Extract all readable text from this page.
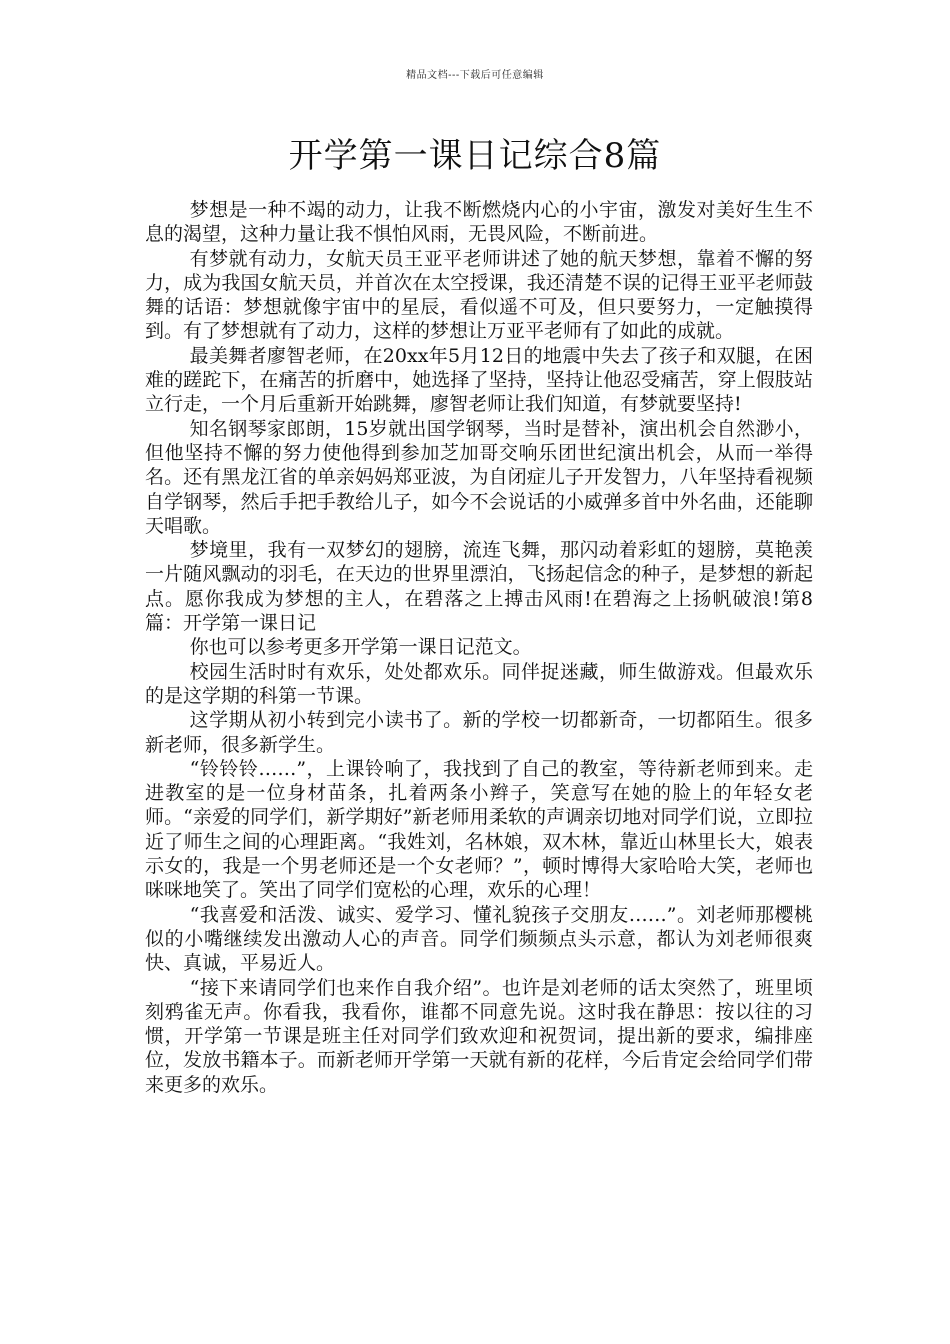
精品文档---下载后可任意编辑
开学第一课日记综合8篇

梦想是一种不竭的动力，让我不断燃烧内心的小宇宙，激发对美好生生不息的渴望，这种力量让我不惧怕风雨，无畏风险，不断前进。

有梦就有动力，女航天员王亚平老师讲述了她的航天梦想，靠着不懈的努力，成为我国女航天员，并首次在太空授课，我还清楚不误的记得王亚平老师鼓舞的话语：梦想就像宇宙中的星辰，看似遥不可及，但只要努力，一定触摸得到。有了梦想就有了动力，这样的梦想让万亚平老师有了如此的成就。

最美舞者廖智老师，在20xx年5月12日的地震中失去了孩子和双腿，在困难的蹉跎下，在痛苦的折磨中，她选择了坚持，坚持让他忍受痛苦，穿上假肢站立行走，一个月后重新开始跳舞，廖智老师让我们知道，有梦就要坚持!

知名钢琴家郎朗，15岁就出国学钢琴，当时是替补，演出机会自然渺小，但他坚持不懈的努力使他得到参加芝加哥交响乐团世纪演出机会，从而一举得名。还有黑龙江省的单亲妈妈郑亚波，为自闭症儿子开发智力，八年坚持看视频自学钢琴，然后手把手教给儿子，如今不会说话的小威弹多首中外名曲，还能聊天唱歌。

梦境里，我有一双梦幻的翅膀，流连飞舞，那闪动着彩虹的翅膀，莫艳羡一片随风飘动的羽毛，在天边的世界里漂泊，飞扬起信念的种子，是梦想的新起点。愿你我成为梦想的主人，在碧落之上搏击风雨!在碧海之上扬帆破浪!第8篇：开学第一课日记

你也可以参考更多开学第一课日记范文。

校园生活时时有欢乐，处处都欢乐。同伴捉迷藏，师生做游戏。但最欢乐的是这学期的科第一节课。

这学期从初小转到完小读书了。新的学校一切都新奇，一切都陌生。很多新老师，很多新学生。

“铃铃铃……”，上课铃响了，我找到了自己的教室，等待新老师到来。走进教室的是一位身材苗条，扎着两条小辫子，笑意写在她的脸上的年轻女老师。“亲爱的同学们，新学期好”新老师用柔软的声调亲切地对同学们说，立即拉近了师生之间的心理距离。“我姓刘，名林娘，双木林，靠近山林里长大，娘表示女的，我是一个男老师还是一个女老师？”，顿时博得大家哈哈大笑，老师也咪咪地笑了。笑出了同学们宽松的心理，欢乐的心理！

“我喜爱和活泼、诚实、爱学习、懂礼貌孩子交朋友……”。刘老师那樱桃似的小嘴继续发出激动人心的声音。同学们频频点头示意，都认为刘老师很爽快、真诚，平易近人。

“接下来请同学们也来作自我介绍”。也许是刘老师的话太突然了，班里顷刻鸦雀无声。你看我，我看你，谁都不同意先说。这时我在静思：按以往的习惯，开学第一节课是班主任对同学们致欢迎和祝贺词，提出新的要求，编排座位，发放书籍本子。而新老师开学第一天就有新的花样，今后肯定会给同学们带来更多的欢乐。
